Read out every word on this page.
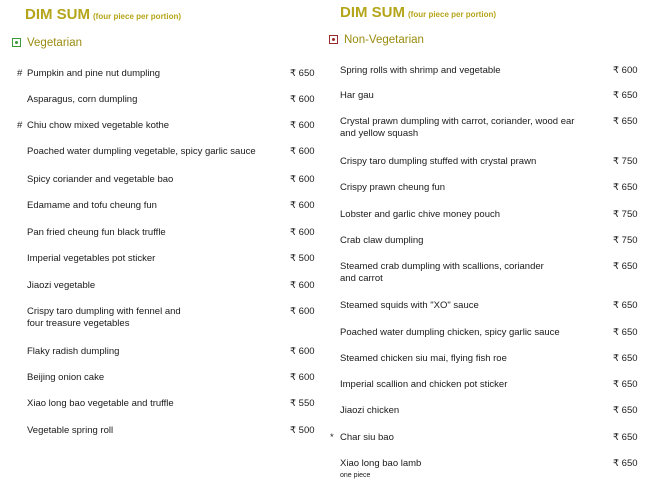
DIM SUM (four piece per portion)
Vegetarian
# Pumpkin and pine nut dumpling	₹ 650
Asparagus, corn dumpling	₹ 600
# Chiu chow mixed vegetable kothe	₹ 600
Poached water dumpling vegetable, spicy garlic sauce	₹ 600
Spicy coriander and vegetable bao	₹ 600
Edamame and tofu cheung fun	₹ 600
Pan fried cheung fun black truffle	₹ 600
Imperial vegetables pot sticker	₹ 500
Jiaozi vegetable	₹ 600
Crispy taro dumpling with fennel and four treasure vegetables
₹ 600
Flaky radish dumpling	₹ 600
Beijing onion cake	₹ 600
Xiao long bao vegetable and truffle	₹ 550
Vegetable spring roll	₹ 500
DIM SUM (four piece per portion)
Non-Vegetarian
Spring rolls with shrimp and vegetable	₹ 600
Har gau	₹ 650
Crystal prawn dumpling with carrot, coriander, wood ear and yellow squash
₹ 650
Crispy taro dumpling stuffed with crystal prawn	₹ 750
Crispy prawn cheung fun	₹ 650
Lobster and garlic chive money pouch	₹ 750
Crab claw dumpling	₹ 750
Steamed crab dumpling with scallions, coriander and carrot
₹ 650
Steamed squids with "XO" sauce	₹ 650
Poached water dumpling chicken, spicy garlic sauce	₹ 650
Steamed chicken siu mai, flying fish roe	₹ 650
Imperial scallion and chicken pot sticker	₹ 650
Jiaozi chicken	₹ 650
* Char siu bao	₹ 650
Xiao long bao lamb
one piece
₹ 650
